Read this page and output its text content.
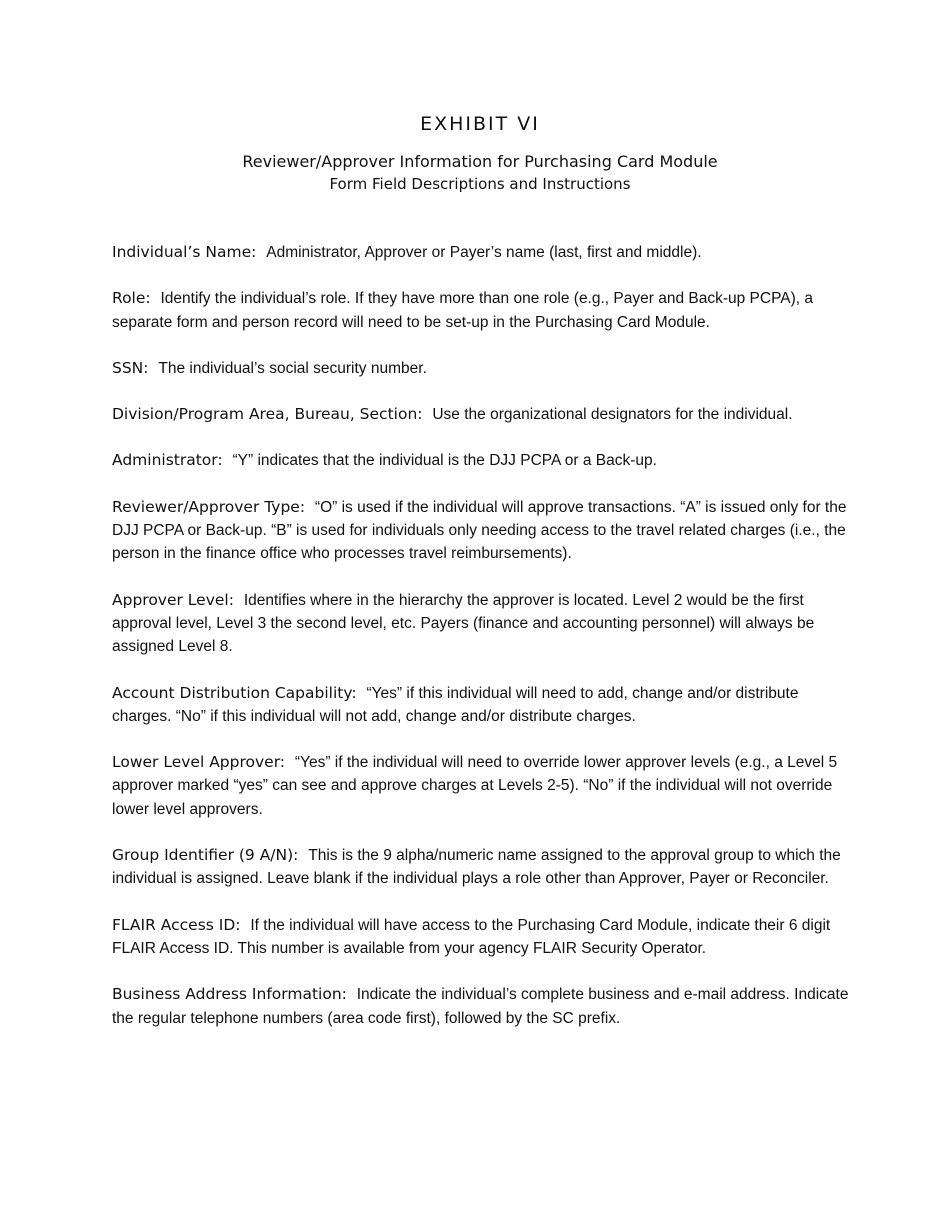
EXHIBIT VI
Reviewer/Approver Information for Purchasing Card Module
Form Field Descriptions and Instructions

Individual’s Name: Administrator, Approver or Payer’s name (last, first and middle).

Role: Identify the individual’s role. If they have more than one role (e.g., Payer and Back-up PCPA), a separate form and person record will need to be set-up in the Purchasing Card Module.

SSN: The individual’s social security number.

Division/Program Area, Bureau, Section: Use the organizational designators for the individual.

Administrator: “Y” indicates that the individual is the DJJ PCPA or a Back-up.

Reviewer/Approver Type: “O” is used if the individual will approve transactions. “A” is issued only for the DJJ PCPA or Back-up. “B” is used for individuals only needing access to the travel related charges (i.e., the person in the finance office who processes travel reimbursements).

Approver Level: Identifies where in the hierarchy the approver is located. Level 2 would be the first approval level, Level 3 the second level, etc. Payers (finance and accounting personnel) will always be assigned Level 8.

Account Distribution Capability: “Yes” if this individual will need to add, change and/or distribute charges. “No” if this individual will not add, change and/or distribute charges.

Lower Level Approver: “Yes” if the individual will need to override lower approver levels (e.g., a Level 5 approver marked “yes” can see and approve charges at Levels 2-5). “No” if the individual will not override lower level approvers.

Group Identifier (9 A/N): This is the 9 alpha/numeric name assigned to the approval group to which the individual is assigned. Leave blank if the individual plays a role other than Approver, Payer or Reconciler.

FLAIR Access ID: If the individual will have access to the Purchasing Card Module, indicate their 6 digit FLAIR Access ID. This number is available from your agency FLAIR Security Operator.

Business Address Information: Indicate the individual’s complete business and e-mail address. Indicate the regular telephone numbers (area code first), followed by the SC prefix.
